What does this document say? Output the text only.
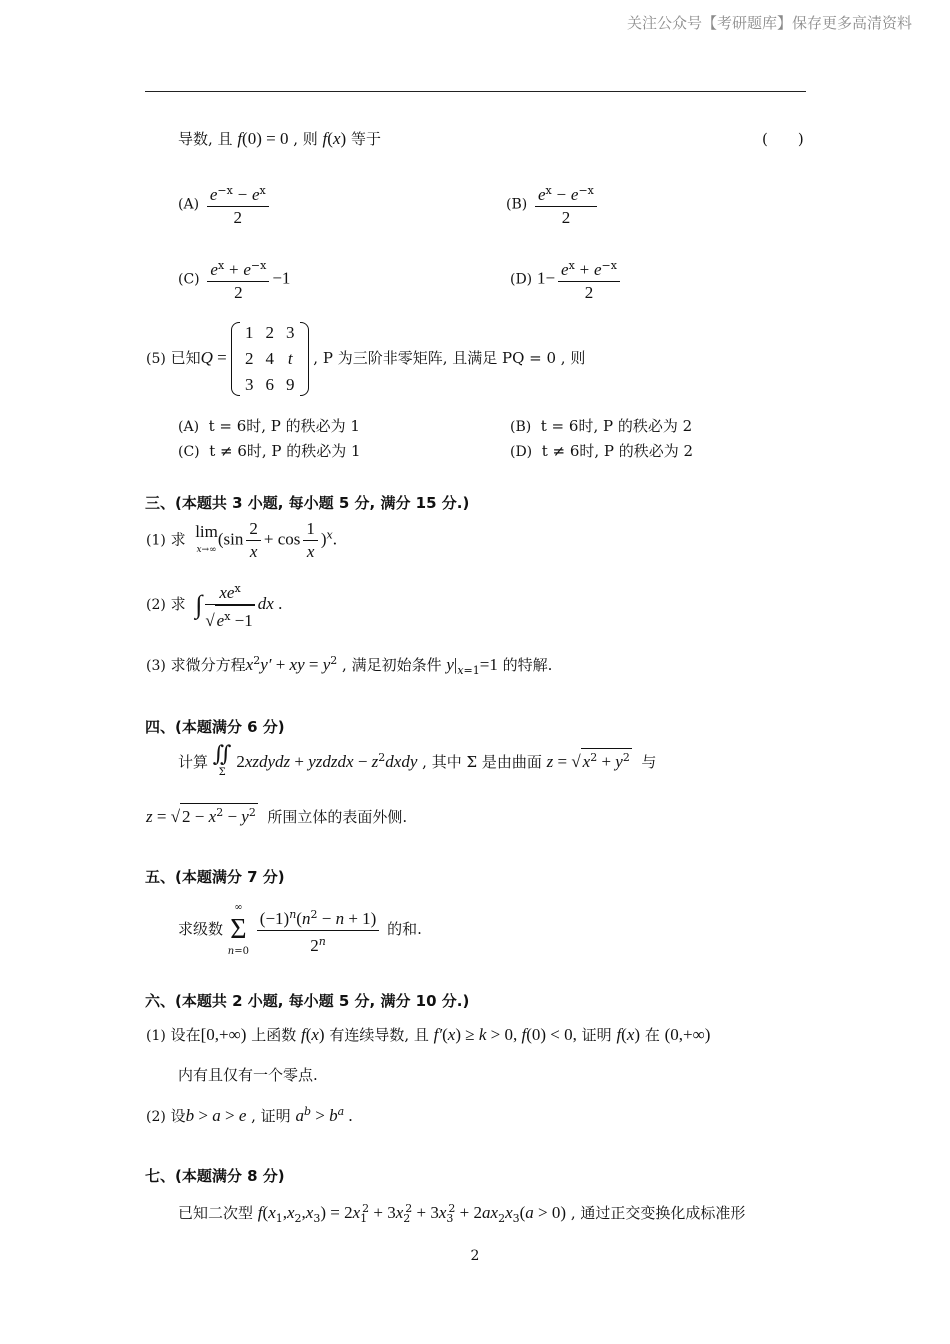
关注公众号【考研题库】保存更多高清资料
导数, 且 f(0) = 0 , 则 f(x) 等于	(　　)
$(A) \frac{e^{-x} - e^x}{2}$	$(B) \frac{e^x - e^{-x}}{2}$
$(C) \frac{e^x + e^{-x}}{2} -1$	(D) $1- \frac{e^x + e^{-x}}{2}$
(5) 已知Q =
1	2	3
2	4	t
3	6	9
, P 为三阶非零矩阵, 且满足 PQ = 0 , 则
(A) t = 6时, P 的秩必为 1	(B) t = 6时, P 的秩必为 2
(C) t ≠ 6时, P 的秩必为 1	(D) t ≠ 6时, P 的秩必为 2
三、(本题共 3 小题, 每小题 5 分, 满分 15 分.)
(1) 求 lim
x→∞
$(\sin \frac{2}{x} + \cos \frac{1}{x} )^x$.
(2) 求 ∫ $\frac{xe^x}{√ e^x -1}$ dx .
(3) 求微分方程$x^2y'$ + xy = $y^2$ , 满足初始条件 $y|_{x=1}=1$ 的特解.
四、(本题满分 6 分)
计算 ∬
Σ
2xzdydz + yzdzdx − $z^2dxdy$ , 其中 Σ 是由曲面 z = √ $x^2 + y^2$ 与
z = √ $2 - x^2 - y^2$ 所围立体的表面外侧.
五、(本题满分 7 分)
求级数
∞
Σ
n=0
$\frac{(-1)^n(n^2 - n + 1)}{2^n}$ 的和.
六、(本题共 2 小题, 每小题 5 分, 满分 10 分.)
(1) 设在[0,+∞) 上函数 f(x) 有连续导数, 且 f′(x) ≥ k > 0, f(0) < 0, 证明 f(x) 在 (0,+∞)
内有且仅有一个零点.
(2) 设b > a > e , 证明 $a^b > b^a$ .
七、(本题满分 8 分)
已知二次型 $f(x_1,x_2,x_3) = 2x_1^2 + 3x_2^2 + 3x_3^2 + 2ax_2x_3(a > 0)$ , 通过正交变换化成标准形
2
